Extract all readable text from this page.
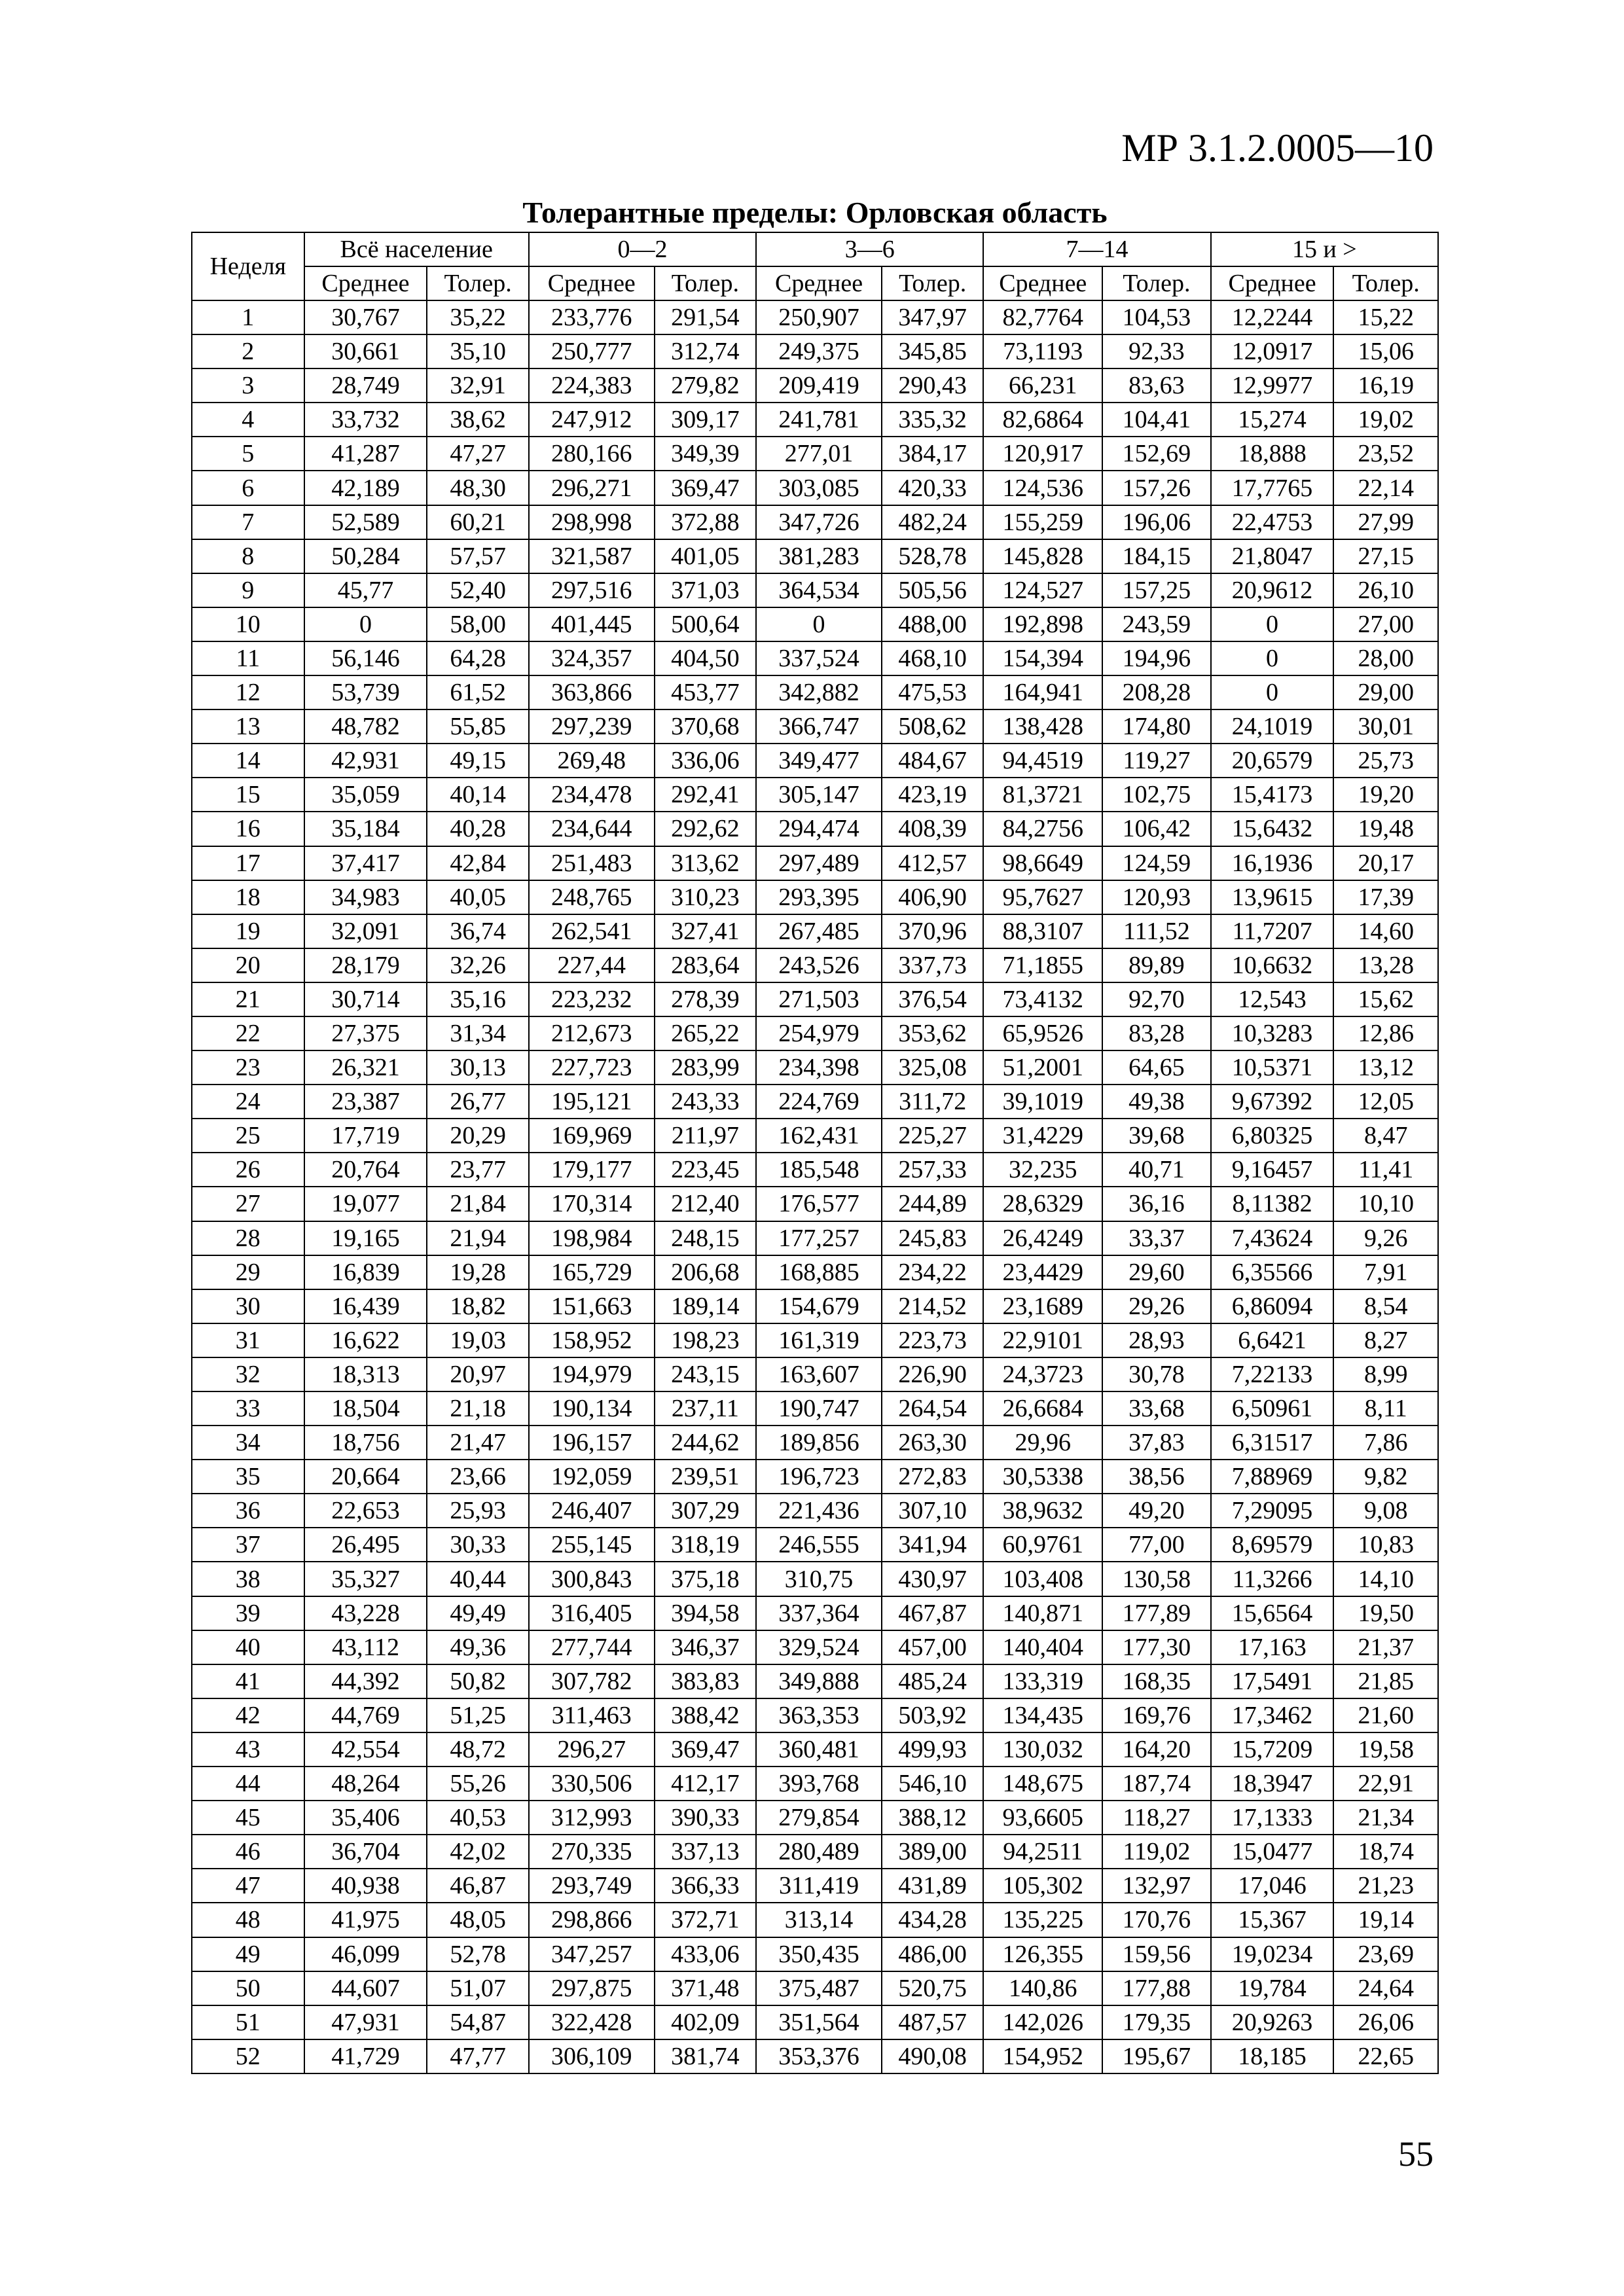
МР 3.1.2.0005—10
Толерантные пределы: Орловская область
Неделя	Всё население		0—2		3—6		7—14		15 и >	
	Среднее	Толер.	Среднее	Толер.	Среднее	Толер.	Среднее	Толер.	Среднее	Толер.
1	30,767	35,22	233,776	291,54	250,907	347,97	82,7764	104,53	12,2244	15,22
2	30,661	35,10	250,777	312,74	249,375	345,85	73,1193	92,33	12,0917	15,06
3	28,749	32,91	224,383	279,82	209,419	290,43	66,231	83,63	12,9977	16,19
4	33,732	38,62	247,912	309,17	241,781	335,32	82,6864	104,41	15,274	19,02
5	41,287	47,27	280,166	349,39	277,01	384,17	120,917	152,69	18,888	23,52
6	42,189	48,30	296,271	369,47	303,085	420,33	124,536	157,26	17,7765	22,14
7	52,589	60,21	298,998	372,88	347,726	482,24	155,259	196,06	22,4753	27,99
8	50,284	57,57	321,587	401,05	381,283	528,78	145,828	184,15	21,8047	27,15
9	45,77	52,40	297,516	371,03	364,534	505,56	124,527	157,25	20,9612	26,10
10	0	58,00	401,445	500,64	0	488,00	192,898	243,59	0	27,00
11	56,146	64,28	324,357	404,50	337,524	468,10	154,394	194,96	0	28,00
12	53,739	61,52	363,866	453,77	342,882	475,53	164,941	208,28	0	29,00
13	48,782	55,85	297,239	370,68	366,747	508,62	138,428	174,80	24,1019	30,01
14	42,931	49,15	269,48	336,06	349,477	484,67	94,4519	119,27	20,6579	25,73
15	35,059	40,14	234,478	292,41	305,147	423,19	81,3721	102,75	15,4173	19,20
16	35,184	40,28	234,644	292,62	294,474	408,39	84,2756	106,42	15,6432	19,48
17	37,417	42,84	251,483	313,62	297,489	412,57	98,6649	124,59	16,1936	20,17
18	34,983	40,05	248,765	310,23	293,395	406,90	95,7627	120,93	13,9615	17,39
19	32,091	36,74	262,541	327,41	267,485	370,96	88,3107	111,52	11,7207	14,60
20	28,179	32,26	227,44	283,64	243,526	337,73	71,1855	89,89	10,6632	13,28
21	30,714	35,16	223,232	278,39	271,503	376,54	73,4132	92,70	12,543	15,62
22	27,375	31,34	212,673	265,22	254,979	353,62	65,9526	83,28	10,3283	12,86
23	26,321	30,13	227,723	283,99	234,398	325,08	51,2001	64,65	10,5371	13,12
24	23,387	26,77	195,121	243,33	224,769	311,72	39,1019	49,38	9,67392	12,05
25	17,719	20,29	169,969	211,97	162,431	225,27	31,4229	39,68	6,80325	8,47
26	20,764	23,77	179,177	223,45	185,548	257,33	32,235	40,71	9,16457	11,41
27	19,077	21,84	170,314	212,40	176,577	244,89	28,6329	36,16	8,11382	10,10
28	19,165	21,94	198,984	248,15	177,257	245,83	26,4249	33,37	7,43624	9,26
29	16,839	19,28	165,729	206,68	168,885	234,22	23,4429	29,60	6,35566	7,91
30	16,439	18,82	151,663	189,14	154,679	214,52	23,1689	29,26	6,86094	8,54
31	16,622	19,03	158,952	198,23	161,319	223,73	22,9101	28,93	6,6421	8,27
32	18,313	20,97	194,979	243,15	163,607	226,90	24,3723	30,78	7,22133	8,99
33	18,504	21,18	190,134	237,11	190,747	264,54	26,6684	33,68	6,50961	8,11
34	18,756	21,47	196,157	244,62	189,856	263,30	29,96	37,83	6,31517	7,86
35	20,664	23,66	192,059	239,51	196,723	272,83	30,5338	38,56	7,88969	9,82
36	22,653	25,93	246,407	307,29	221,436	307,10	38,9632	49,20	7,29095	9,08
37	26,495	30,33	255,145	318,19	246,555	341,94	60,9761	77,00	8,69579	10,83
38	35,327	40,44	300,843	375,18	310,75	430,97	103,408	130,58	11,3266	14,10
39	43,228	49,49	316,405	394,58	337,364	467,87	140,871	177,89	15,6564	19,50
40	43,112	49,36	277,744	346,37	329,524	457,00	140,404	177,30	17,163	21,37
41	44,392	50,82	307,782	383,83	349,888	485,24	133,319	168,35	17,5491	21,85
42	44,769	51,25	311,463	388,42	363,353	503,92	134,435	169,76	17,3462	21,60
43	42,554	48,72	296,27	369,47	360,481	499,93	130,032	164,20	15,7209	19,58
44	48,264	55,26	330,506	412,17	393,768	546,10	148,675	187,74	18,3947	22,91
45	35,406	40,53	312,993	390,33	279,854	388,12	93,6605	118,27	17,1333	21,34
46	36,704	42,02	270,335	337,13	280,489	389,00	94,2511	119,02	15,0477	18,74
47	40,938	46,87	293,749	366,33	311,419	431,89	105,302	132,97	17,046	21,23
48	41,975	48,05	298,866	372,71	313,14	434,28	135,225	170,76	15,367	19,14
49	46,099	52,78	347,257	433,06	350,435	486,00	126,355	159,56	19,0234	23,69
50	44,607	51,07	297,875	371,48	375,487	520,75	140,86	177,88	19,784	24,64
51	47,931	54,87	322,428	402,09	351,564	487,57	142,026	179,35	20,9263	26,06
52	41,729	47,77	306,109	381,74	353,376	490,08	154,952	195,67	18,185	22,65
55
